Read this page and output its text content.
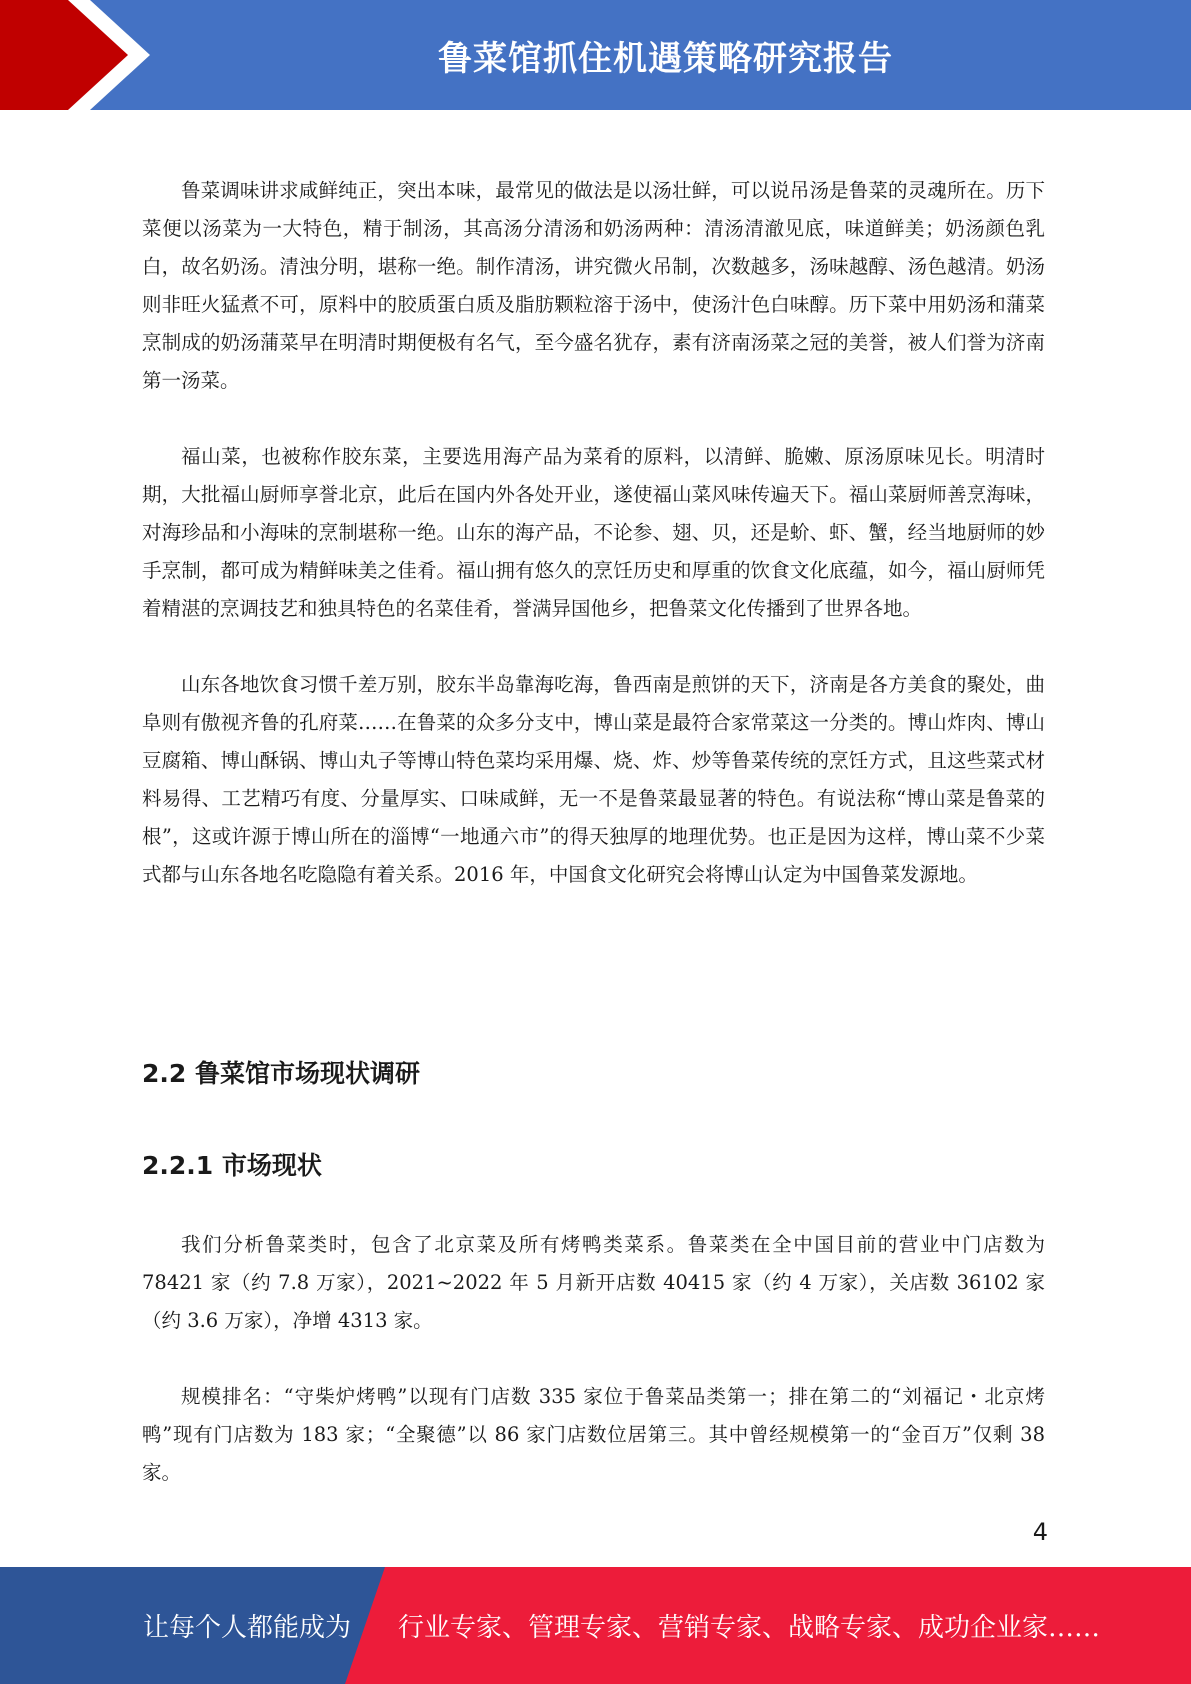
鲁菜馆抓住机遇策略研究报告

鲁菜调味讲求咸鲜纯正，突出本味，最常见的做法是以汤壮鲜，可以说吊汤是鲁菜的灵魂所在。历下菜便以汤菜为一大特色，精于制汤，其高汤分清汤和奶汤两种：清汤清澈见底，味道鲜美；奶汤颜色乳白，故名奶汤。清浊分明，堪称一绝。制作清汤，讲究微火吊制，次数越多，汤味越醇、汤色越清。奶汤则非旺火猛煮不可，原料中的胶质蛋白质及脂肪颗粒溶于汤中，使汤汁色白味醇。历下菜中用奶汤和蒲菜烹制成的奶汤蒲菜早在明清时期便极有名气，至今盛名犹存，素有济南汤菜之冠的美誉，被人们誉为济南第一汤菜。

福山菜，也被称作胶东菜，主要选用海产品为菜肴的原料，以清鲜、脆嫩、原汤原味见长。明清时期，大批福山厨师享誉北京，此后在国内外各处开业，遂使福山菜风味传遍天下。福山菜厨师善烹海味，对海珍品和小海味的烹制堪称一绝。山东的海产品，不论参、翅、贝，还是蚧、虾、蟹，经当地厨师的妙手烹制，都可成为精鲜味美之佳肴。福山拥有悠久的烹饪历史和厚重的饮食文化底蕴，如今，福山厨师凭着精湛的烹调技艺和独具特色的名菜佳肴，誉满异国他乡，把鲁菜文化传播到了世界各地。

山东各地饮食习惯千差万别，胶东半岛靠海吃海，鲁西南是煎饼的天下，济南是各方美食的聚处，曲阜则有傲视齐鲁的孔府菜……在鲁菜的众多分支中，博山菜是最符合家常菜这一分类的。博山炸肉、博山豆腐箱、博山酥锅、博山丸子等博山特色菜均采用爆、烧、炸、炒等鲁菜传统的烹饪方式，且这些菜式材料易得、工艺精巧有度、分量厚实、口味咸鲜，无一不是鲁菜最显著的特色。有说法称“博山菜是鲁菜的根”，这或许源于博山所在的淄博“一地通六市”的得天独厚的地理优势。也正是因为这样，博山菜不少菜式都与山东各地名吃隐隐有着关系。2016 年，中国食文化研究会将博山认定为中国鲁菜发源地。

2.2 鲁菜馆市场现状调研
2.2.1 市场现状

我们分析鲁菜类时，包含了北京菜及所有烤鸭类菜系。鲁菜类在全中国目前的营业中门店数为 78421 家（约 7.8 万家），2021~2022 年 5 月新开店数 40415 家（约 4 万家），关店数 36102 家（约 3.6 万家），净增 4313 家。

规模排名：“守柴炉烤鸭”以现有门店数 335 家位于鲁菜品类第一；排在第二的“刘福记・北京烤鸭”现有门店数为 183 家；“全聚德”以 86 家门店数位居第三。其中曾经规模第一的“金百万”仅剩 38 家。

4
让每个人都能成为 行业专家、管理专家、营销专家、战略专家、成功企业家……
